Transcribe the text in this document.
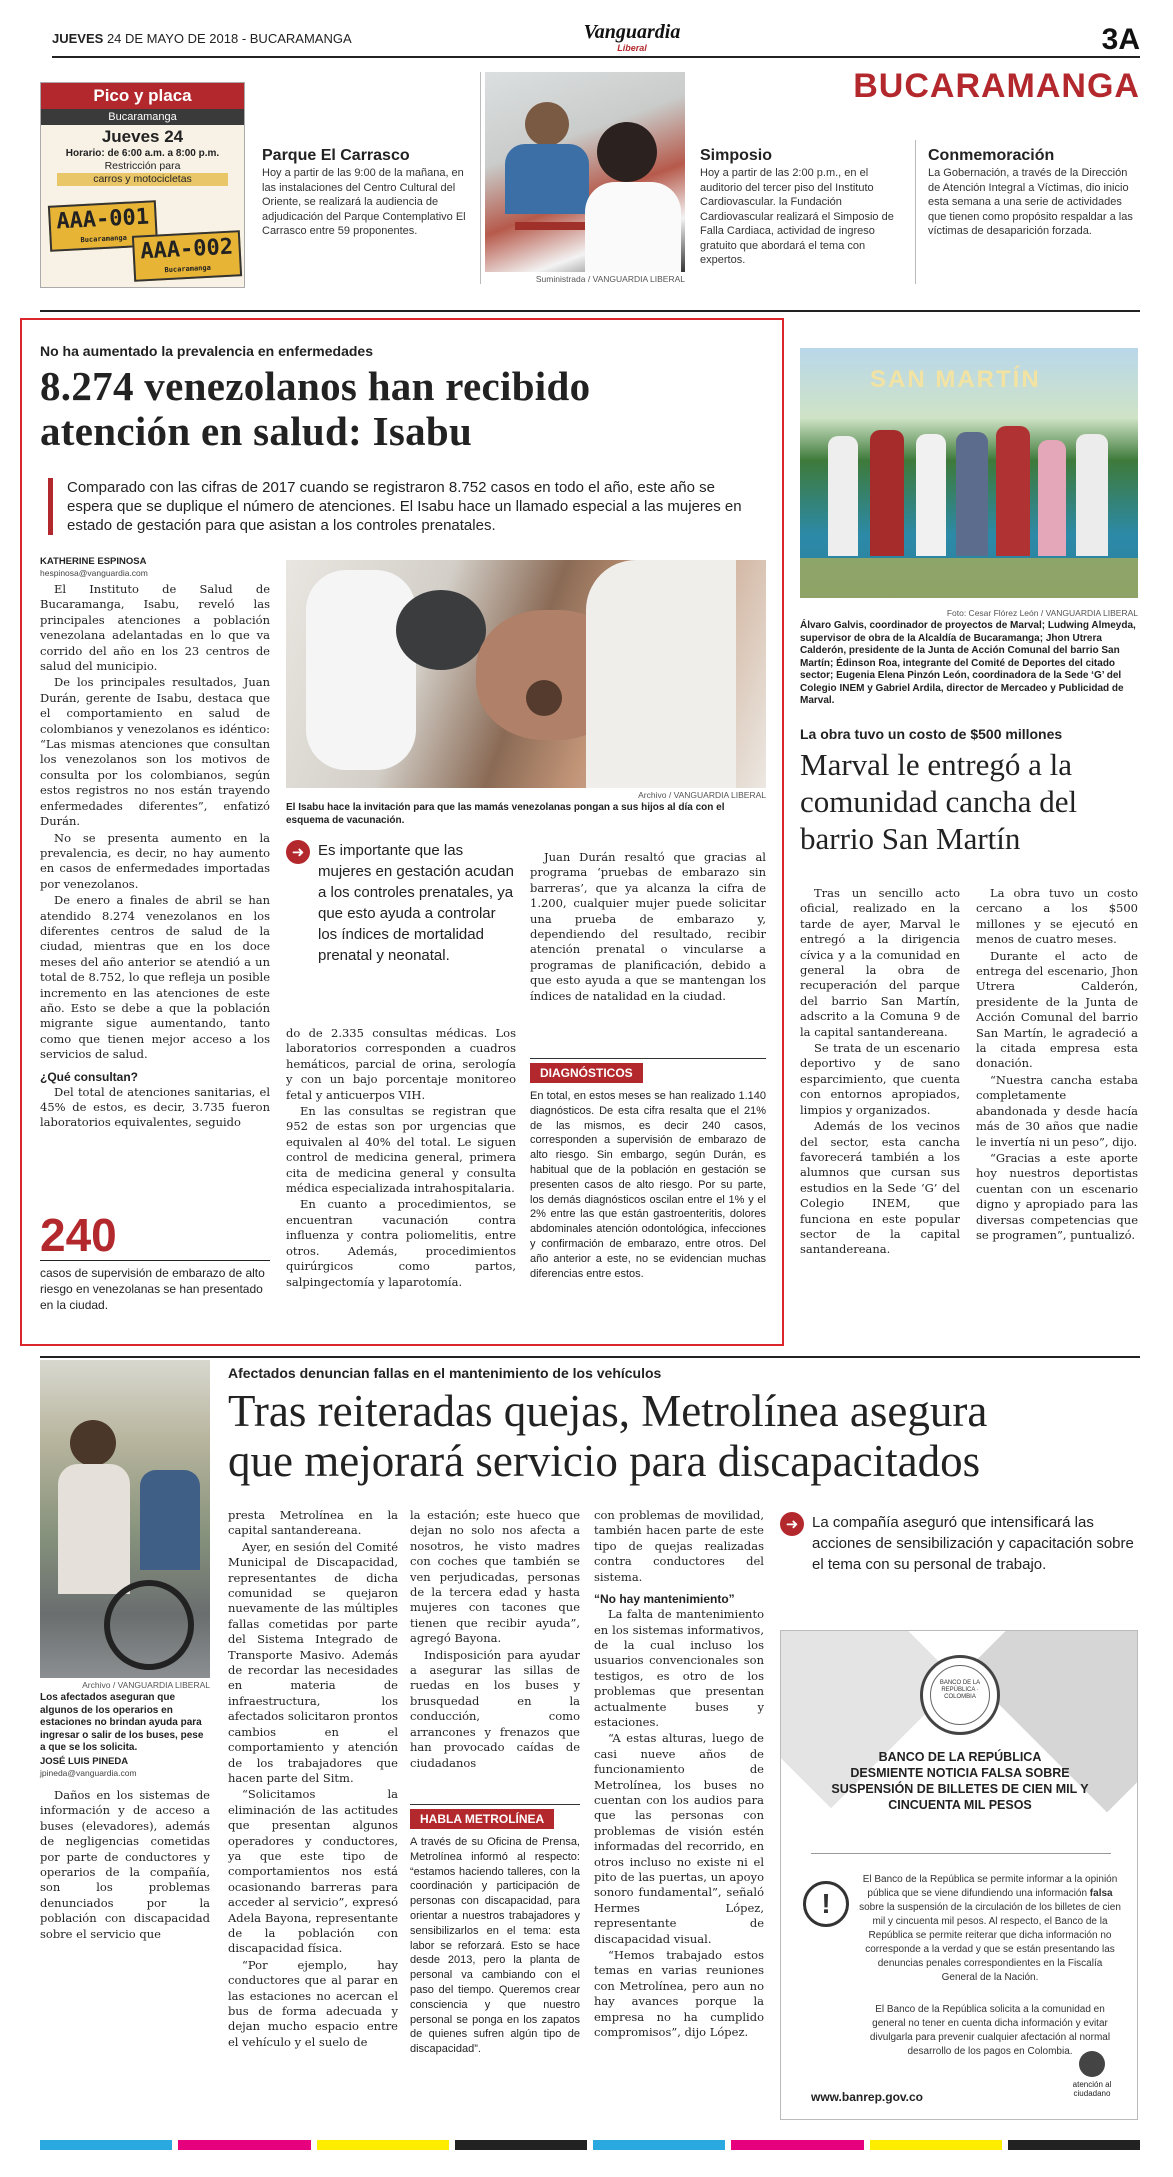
JUEVES 24 DE MAYO DE 2018 - BUCARAMANGA	Vanguardia
Liberal	3A
BUCARAMANGA
Pico y placa
Bucaramanga
Jueves 24
Horario: de 6:00 a.m. a 8:00 p.m.
Restricción para
carros y motocicletas
AAA-001
Bucaramanga AAA-002
Bucaramanga
Parque El Carrasco
Hoy a partir de las 9:00 de la mañana, en las instalaciones del Centro Cultural del Oriente, se realizará la audiencia de adjudicación del Parque Contemplativo El Carrasco entre 59 proponentes.
Suministrada / VANGUARDIA LIBERAL
Simposio
Hoy a partir de las 2:00 p.m., en el auditorio del tercer piso del Instituto Cardiovascular. la Fundación Cardiovascular realizará el Simposio de Falla Cardiaca, actividad de ingreso gratuito que abordará el tema con expertos.
Conmemoración
La Gobernación, a través de la Dirección de Atención Integral a Víctimas, dio inicio esta semana a una serie de actividades que tienen como propósito respaldar a las víctimas de desaparición forzada.
No ha aumentado la prevalencia en enfermedades
8.274 venezolanos han recibido
atención en salud: Isabu
Comparado con las cifras de 2017 cuando se registraron 8.752 casos en todo el año, este año se espera que se duplique el número de atenciones. El Isabu hace un llamado especial a las mujeres en estado de gestación para que asistan a los controles prenatales.
KATHERINE ESPINOSA
hespinosa@vanguardia.com

El Instituto de Salud de Bucaramanga, Isabu, reveló las principales atenciones a población venezolana adelantadas en lo que va corrido del año en los 23 centros de salud del municipio.

De los principales resultados, Juan Durán, gerente de Isabu, destaca que el comportamiento en salud de colombianos y venezolanos es idéntico: “Las mismas atenciones que consultan los venezolanos son los motivos de consulta por los colombianos, según estos registros no nos están trayendo enfermedades diferentes”, enfatizó Durán.

No se presenta aumento en la prevalencia, es decir, no hay aumento en casos de enfermedades importadas por venezolanos.

De enero a finales de abril se han atendido 8.274 venezolanos en los diferentes centros de salud de la ciudad, mientras que en los doce meses del año anterior se atendió a un total de 8.752, lo que refleja un posible incremento en las atenciones de este año. Esto se debe a que la población migrante sigue aumentando, tanto como que tienen mejor acceso a los servicios de salud.

¿Qué consultan?

Del total de atenciones sanitarias, el 45% de estos, es decir, 3.735 fueron laboratorios equivalentes, seguido

240
casos de supervisión de embarazo de alto riesgo en venezolanas se han presentado en la ciudad.
Archivo / VANGUARDIA LIBERAL
El Isabu hace la invitación para que las mamás venezolanas pongan a sus hijos al día con el esquema de vacunación.
➜ Es importante que las mujeres en gestación acudan a los controles prenatales, ya que esto ayuda a controlar los índices de mortalidad prenatal y neonatal.

do de 2.335 consultas médicas. Los laboratorios corresponden a cuadros hemáticos, parcial de orina, serología y con un bajo porcentaje monitoreo fetal y anticuerpos VIH.

En las consultas se registran que 952 de estas son por urgencias que equivalen al 40% del total. Le siguen control de medicina general, primera cita de medicina general y consulta médica especializada intrahospitalaria.

En cuanto a procedimientos, se encuentran vacunación contra influenza y contra poliomelitis, entre otros. Además, procedimientos quirúrgicos como partos, salpingectomía y laparotomía.

Juan Durán resaltó que gracias al programa ‘pruebas de embarazo sin barreras’, que ya alcanza la cifra de 1.200, cualquier mujer puede solicitar una prueba de embarazo y, dependiendo del resultado, recibir atención prenatal o vincularse a programas de planificación, debido a que esto ayuda a que se mantengan los índices de natalidad en la ciudad.

DIAGNÓSTICOS
En total, en estos meses se han realizado 1.140 diagnósticos. De esta cifra resalta que el 21% de las mismos, es decir 240 casos, corresponden a supervisión de embarazo de alto riesgo. Sin embargo, según Durán, es habitual que de la población en gestación se presenten casos de alto riesgo. Por su parte, los demás diagnósticos oscilan entre el 1% y el 2% entre las que están gastroenteritis, dolores abdominales atención odontológica, infecciones y confirmación de embarazo, entre otros. Del año anterior a este, no se evidencian muchas diferencias entre estos.
SAN MARTÍN
Foto: Cesar Flórez León / VANGUARDIA LIBERAL
Álvaro Galvis, coordinador de proyectos de Marval; Ludwing Almeyda, supervisor de obra de la Alcaldía de Bucaramanga; Jhon Utrera Calderón, presidente de la Junta de Acción Comunal del barrio San Martín; Édinson Roa, integrante del Comité de Deportes del citado sector; Eugenia Elena Pinzón León, coordinadora de la Sede ‘G’ del Colegio INEM y Gabriel Ardila, director de Mercadeo y Publicidad de Marval.
La obra tuvo un costo de $500 millones
Marval le entregó a la comunidad cancha del barrio San Martín

Tras un sencillo acto oficial, realizado en la tarde de ayer, Marval le entregó a la dirigencia cívica y a la comunidad en general la obra de recuperación del parque del barrio San Martín, adscrito a la Comuna 9 de la capital santandereana.

Se trata de un escenario deportivo y de sano esparcimiento, que cuenta con entornos apropiados, limpios y organizados.

Además de los vecinos del sector, esta cancha favorecerá también a los alumnos que cursan sus estudios en la Sede ‘G’ del Colegio INEM, que funciona en este popular sector de la capital santandereana.

La obra tuvo un costo cercano a los $500 millones y se ejecutó en menos de cuatro meses.

Durante el acto de entrega del escenario, Jhon Utrera Calderón, presidente de la Junta de Acción Comunal del barrio San Martín, le agradeció a la citada empresa esta donación.

“Nuestra cancha estaba completamente abandonada y desde hacía más de 30 años que nadie le invertía ni un peso”, dijo.

“Gracias a este aporte hoy nuestros deportistas cuentan con un escenario digno y apropiado para las diversas competencias que se programen”, puntualizó.

Archivo / VANGUARDIA LIBERAL
Los afectados aseguran que algunos de los operarios en estaciones no brindan ayuda para ingresar o salir de los buses, pese a que se los solicita.
JOSÉ LUIS PINEDA
jpineda@vanguardia.com

Daños en los sistemas de información y de acceso a buses (elevadores), además de negligencias cometidas por parte de conductores y operarios de la compañía, son los problemas denunciados por la población con discapacidad sobre el servicio que

Afectados denuncian fallas en el mantenimiento de los vehículos
Tras reiteradas quejas, Metrolínea asegura
que mejorará servicio para discapacitados

presta Metrolínea en la capital santandereana.

Ayer, en sesión del Comité Municipal de Discapacidad, representantes de dicha comunidad se quejaron nuevamente de las múltiples fallas cometidas por parte del Sistema Integrado de Transporte Masivo. Además de recordar las necesidades en materia de infraestructura, los afectados solicitaron prontos cambios en el comportamiento y atención de los trabajadores que hacen parte del Sitm.

“Solicitamos la eliminación de las actitudes que presentan algunos operadores y conductores, ya que este tipo de comportamientos nos está ocasionando barreras para acceder al servicio”, expresó Adela Bayona, representante de la población con discapacidad física.

“Por ejemplo, hay conductores que al parar en las estaciones no acercan el bus de forma adecuada y dejan mucho espacio entre el vehículo y el suelo de

la estación; este hueco que dejan no solo nos afecta a nosotros, he visto madres con coches que también se ven perjudicadas, personas de la tercera edad y hasta mujeres con tacones que tienen que recibir ayuda”, agregó Bayona.

Indisposición para ayudar a asegurar las sillas de ruedas en los buses y brusquedad en la conducción, como arrancones y frenazos que han provocado caídas de ciudadanos

HABLA METROLÍNEA
A través de su Oficina de Prensa, Metrolínea informó al respecto: “estamos haciendo talleres, con la coordinación y participación de personas con discapacidad, para orientar a nuestros trabajadores y sensibilizarlos en el tema: esta labor se reforzará. Esto se hace desde 2013, pero la planta de personal va cambiando con el paso del tiempo. Queremos crear consciencia y que nuestro personal se ponga en los zapatos de quienes sufren algún tipo de discapacidad”.

con problemas de movilidad, también hacen parte de este tipo de quejas realizadas contra conductores del sistema.

“No hay mantenimiento”

La falta de mantenimiento en los sistemas informativos, de la cual incluso los usuarios convencionales son testigos, es otro de los problemas que presentan actualmente buses y estaciones.

“A estas alturas, luego de casi nueve años de funcionamiento de Metrolínea, los buses no cuentan con los audios para que las personas con problemas de visión estén informadas del recorrido, en otros incluso no existe ni el pito de las puertas, un apoyo sonoro fundamental”, señaló Hermes López, representante de discapacidad visual.

“Hemos trabajado estos temas en varias reuniones con Metrolínea, pero aun no hay avances porque la empresa no ha cumplido compromisos”, dijo López.

➜ La compañía aseguró que intensificará las acciones de sensibilización y capacitación sobre el tema con su personal de trabajo.
BANCO DE LA REPÚBLICA · COLOMBIA
BANCO DE LA REPÚBLICA
DESMIENTE NOTICIA FALSA SOBRE
SUSPENSIÓN DE BILLETES DE CIEN MIL Y
CINCUENTA MIL PESOS
!
El Banco de la República se permite informar a la opinión pública que se viene difundiendo una información falsa sobre la suspensión de la circulación de los billetes de cien mil y cincuenta mil pesos. Al respecto, el Banco de la República se permite reiterar que dicha información no corresponde a la verdad y que se están presentando las denuncias penales correspondientes en la Fiscalía General de la Nación.
El Banco de la República solicita a la comunidad en general no tener en cuenta dicha información y evitar divulgarla para prevenir cualquier afectación al normal desarrollo de los pagos en Colombia.
www.banrep.gov.co
atención al
ciudadano
